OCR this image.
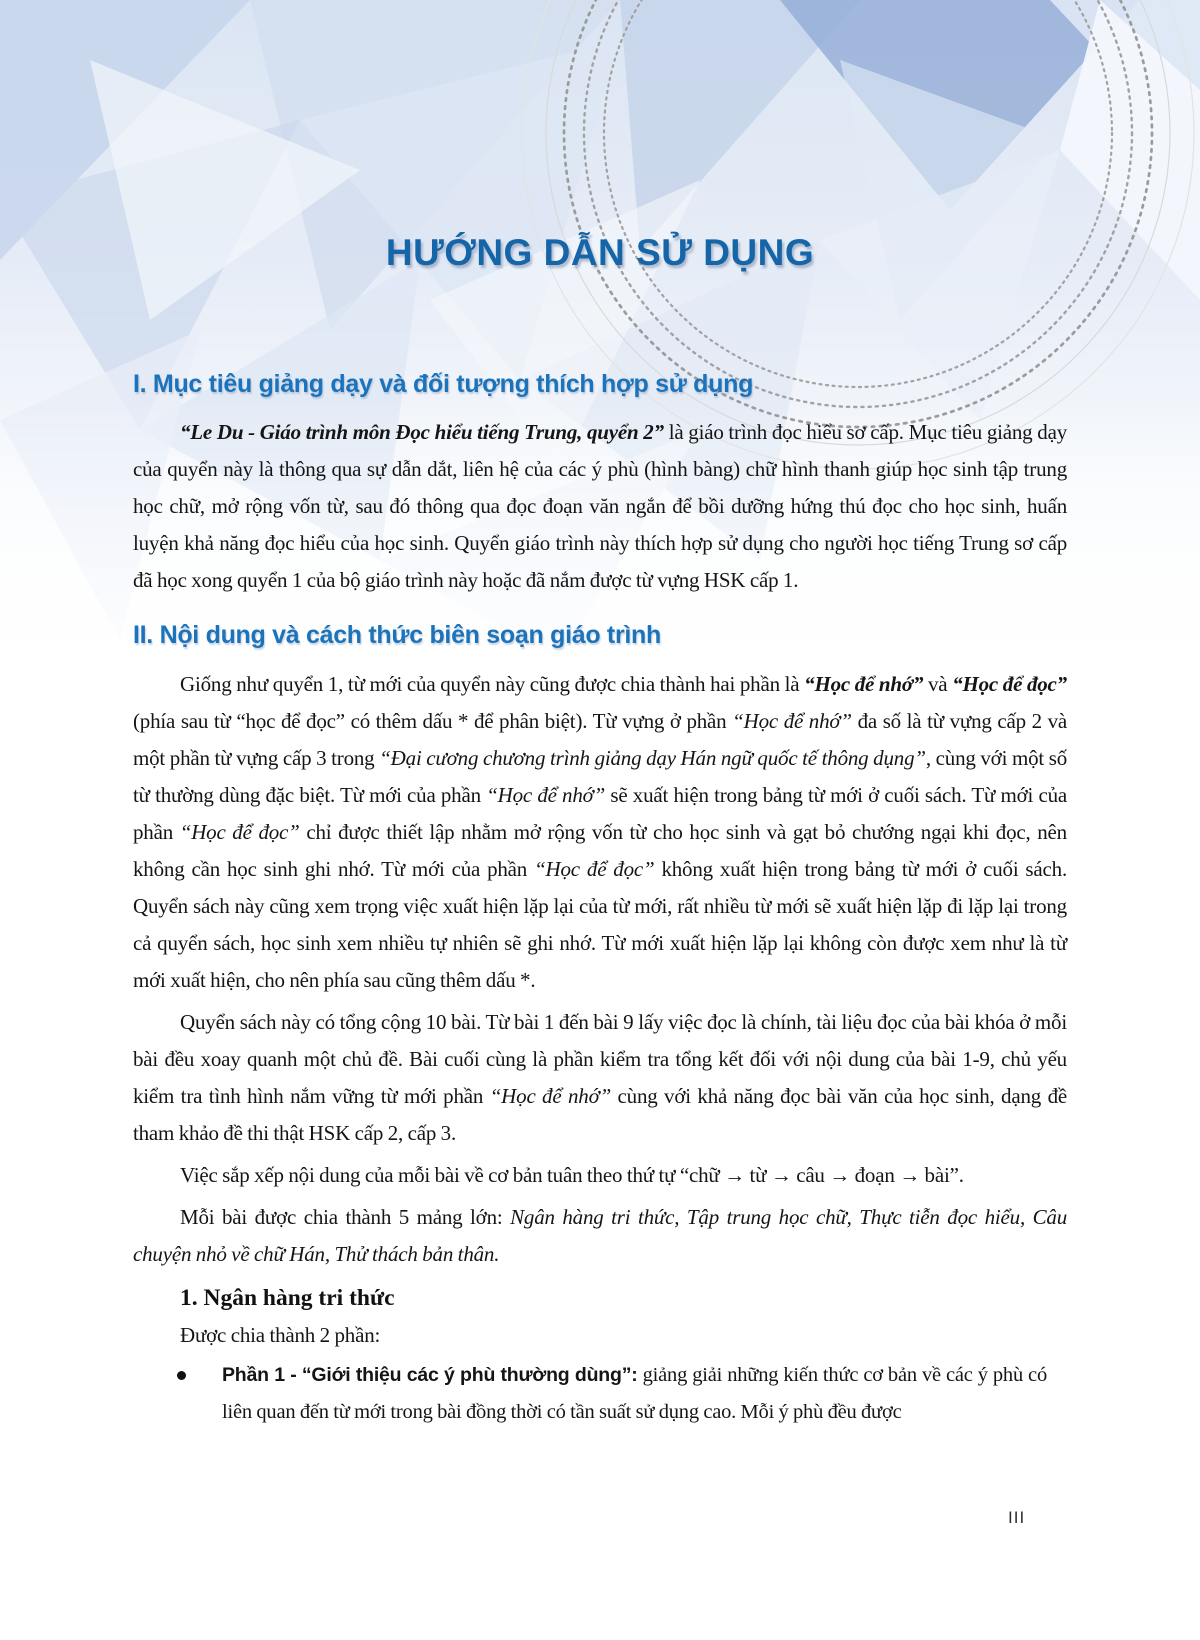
HƯỚNG DẪN SỬ DỤNG
I. Mục tiêu giảng dạy và đối tượng thích hợp sử dụng

“Le Du - Giáo trình môn Đọc hiểu tiếng Trung, quyển 2” là giáo trình đọc hiểu sơ cấp. Mục tiêu giảng dạy của quyển này là thông qua sự dẫn dắt, liên hệ của các ý phù (hình bàng) chữ hình thanh giúp học sinh tập trung học chữ, mở rộng vốn từ, sau đó thông qua đọc đoạn văn ngắn để bồi dưỡng hứng thú đọc cho học sinh, huấn luyện khả năng đọc hiểu của học sinh. Quyển giáo trình này thích hợp sử dụng cho người học tiếng Trung sơ cấp đã học xong quyển 1 của bộ giáo trình này hoặc đã nắm được từ vựng HSK cấp 1.

II. Nội dung và cách thức biên soạn giáo trình

Giống như quyển 1, từ mới của quyển này cũng được chia thành hai phần là “Học để nhớ” và “Học để đọc” (phía sau từ “học để đọc” có thêm dấu * để phân biệt). Từ vựng ở phần “Học để nhớ” đa số là từ vựng cấp 2 và một phần từ vựng cấp 3 trong “Đại cương chương trình giảng dạy Hán ngữ quốc tế thông dụng”, cùng với một số từ thường dùng đặc biệt. Từ mới của phần “Học để nhớ” sẽ xuất hiện trong bảng từ mới ở cuối sách. Từ mới của phần “Học để đọc” chỉ được thiết lập nhằm mở rộng vốn từ cho học sinh và gạt bỏ chướng ngại khi đọc, nên không cần học sinh ghi nhớ. Từ mới của phần “Học để đọc” không xuất hiện trong bảng từ mới ở cuối sách. Quyển sách này cũng xem trọng việc xuất hiện lặp lại của từ mới, rất nhiều từ mới sẽ xuất hiện lặp đi lặp lại trong cả quyển sách, học sinh xem nhiều tự nhiên sẽ ghi nhớ. Từ mới xuất hiện lặp lại không còn được xem như là từ mới xuất hiện, cho nên phía sau cũng thêm dấu *.

Quyển sách này có tổng cộng 10 bài. Từ bài 1 đến bài 9 lấy việc đọc là chính, tài liệu đọc của bài khóa ở mỗi bài đều xoay quanh một chủ đề. Bài cuối cùng là phần kiểm tra tổng kết đối với nội dung của bài 1-9, chủ yếu kiểm tra tình hình nắm vững từ mới phần “Học để nhớ” cùng với khả năng đọc bài văn của học sinh, dạng đề tham khảo đề thi thật HSK cấp 2, cấp 3.

Việc sắp xếp nội dung của mỗi bài về cơ bản tuân theo thứ tự “chữ → từ → câu → đoạn → bài”.

Mỗi bài được chia thành 5 mảng lớn: Ngân hàng tri thức, Tập trung học chữ, Thực tiễn đọc hiểu, Câu chuyện nhỏ về chữ Hán, Thử thách bản thân.

1. Ngân hàng tri thức

Được chia thành 2 phần:

Phần 1 - “Giới thiệu các ý phù thường dùng”: giảng giải những kiến thức cơ bản về các ý phù có liên quan đến từ mới trong bài đồng thời có tần suất sử dụng cao. Mỗi ý phù đều được
III
